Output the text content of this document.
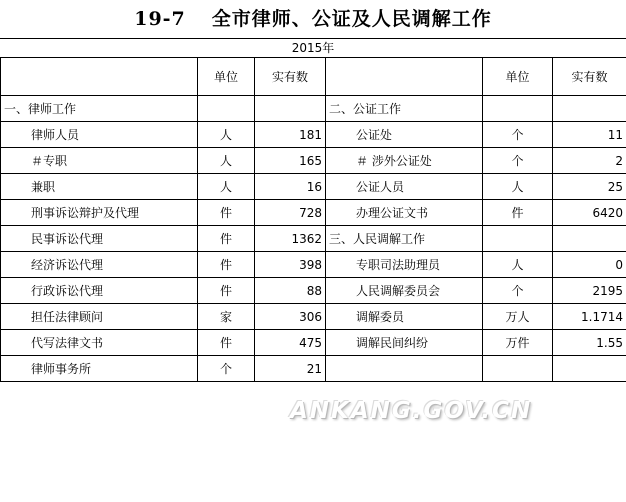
19-7 全市律师、公证及人民调解工作
2015年
	单位	实有数		单位	实有数
一、律师工作			二、公证工作		
律师人员	人	181	公证处	个	11
＃专职	人	165	＃ 涉外公证处	个	2
兼职	人	16	公证人员	人	25
刑事诉讼辩护及代理	件	728	办理公证文书	件	6420
民事诉讼代理	件	1362	三、人民调解工作		
经济诉讼代理	件	398	专职司法助理员	人	0
行政诉讼代理	件	88	人民调解委员会	个	2195
担任法律顾问	家	306	调解委员	万人	1.1714
代写法律文书	件	475	调解民间纠纷	万件	1.55
律师事务所	个	21			
ANKANG.GOV.CN
